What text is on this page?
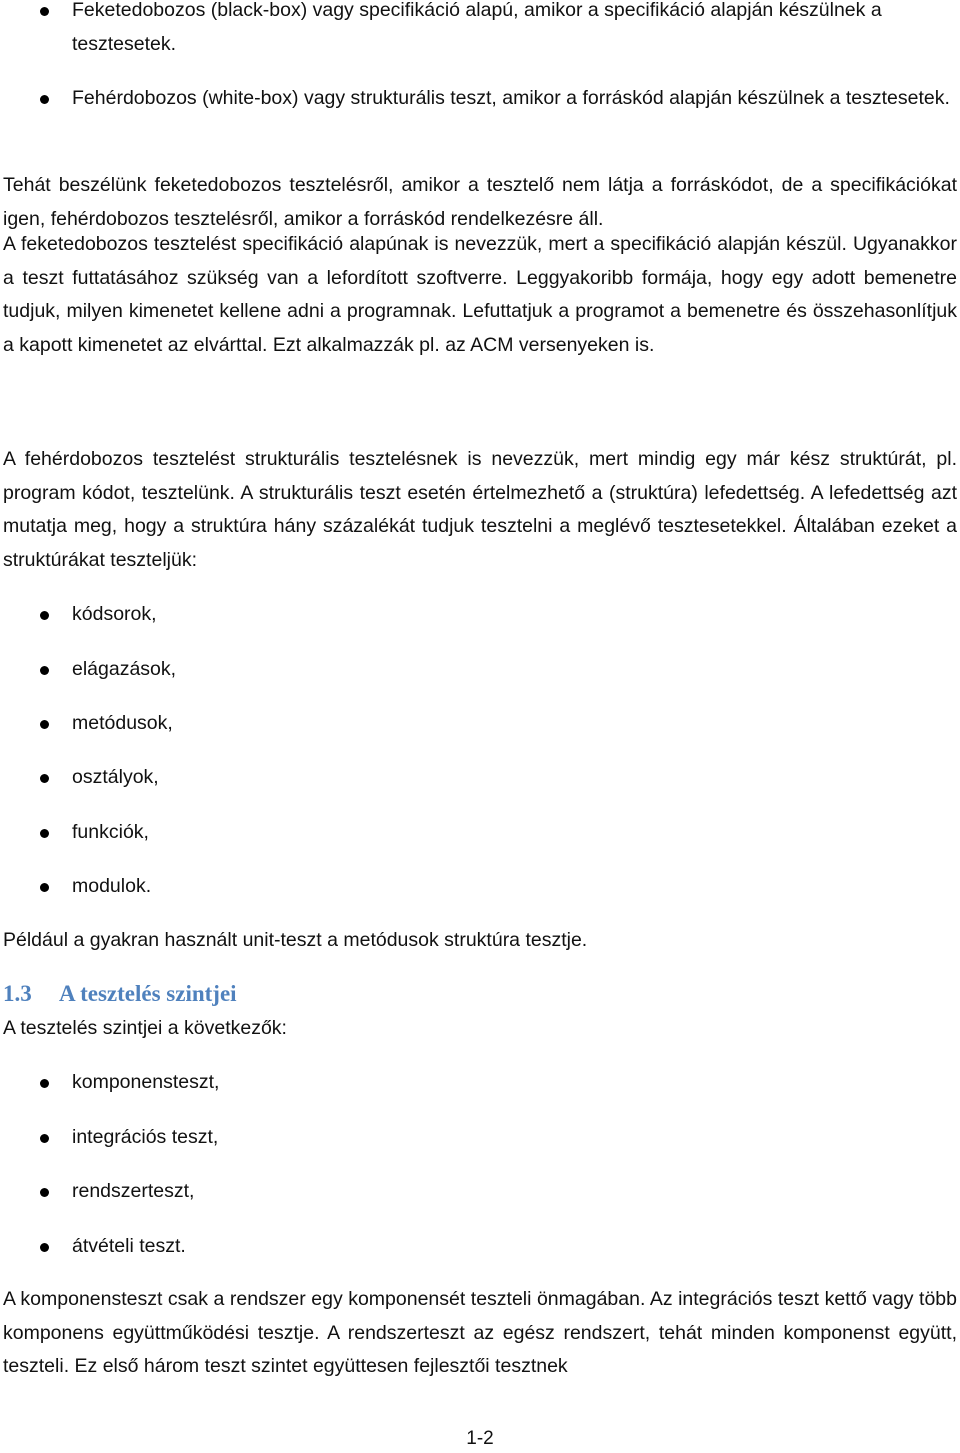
Feketedobozos (black-box) vagy specifikáció alapú, amikor a specifikáció alapján készülnek a tesztesetek.
Fehérdobozos (white-box) vagy strukturális teszt, amikor a forráskód alapján készülnek a tesztesetek.

Tehát beszélünk feketedobozos tesztelésről, amikor a tesztelő nem látja a forráskódot, de a specifikációkat igen, fehérdobozos tesztelésről, amikor a forráskód rendelkezésre áll.

A feketedobozos tesztelést specifikáció alapúnak is nevezzük, mert a specifikáció alapján készül. Ugyanakkor a teszt futtatásához szükség van a lefordított szoftverre. Leggyakoribb formája, hogy egy adott bemenetre tudjuk, milyen kimenetet kellene adni a programnak. Lefuttatjuk a programot a bemenetre és összehasonlítjuk a kapott kimenetet az elvárttal. Ezt alkalmazzák pl. az ACM versenyeken is.

A fehérdobozos tesztelést strukturális tesztelésnek is nevezzük, mert mindig egy már kész struktúrát, pl. program kódot, tesztelünk. A strukturális teszt esetén értelmezhető a (struktúra) lefedettség. A lefedettség azt mutatja meg, hogy a struktúra hány százalékát tudjuk tesztelni a meglévő tesztesetekkel. Általában ezeket a struktúrákat teszteljük:

kódsorok,
elágazások,
metódusok,
osztályok,
funkciók,
modulok.

Például a gyakran használt unit-teszt a metódusok struktúra tesztje.

1.3 A tesztelés szintjei

A tesztelés szintjei a következők:

komponensteszt,
integrációs teszt,
rendszerteszt,
átvételi teszt.

A komponensteszt csak a rendszer egy komponensét teszteli önmagában. Az integrációs teszt kettő vagy több komponens együttműködési tesztje. A rendszerteszt az egész rendszert, tehát minden komponenst együtt, teszteli. Ez első három teszt szintet együttesen fejlesztői tesztnek

1-2
